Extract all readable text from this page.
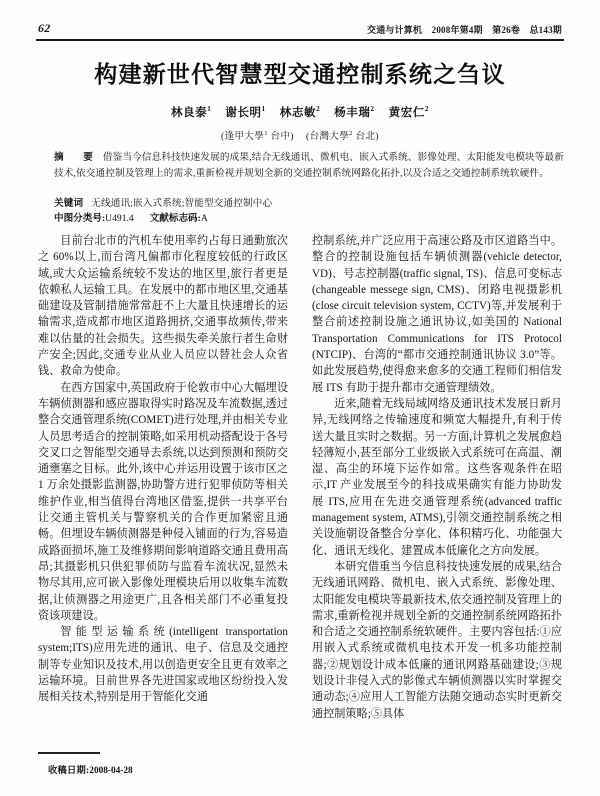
62	交通与计算机 2008年第4期 第26卷 总143期
构建新世代智慧型交通控制系统之刍议
林良泰$^1$ 谢长明$^1$ 林志敏$^2$ 杨丰瑞$^2$ 黄宏仁$^2$
(逢甲大學$^1$ 台中) (台灣大學$^2$ 台北)
摘　要 借鉴当今信息科技快速发展的成果,结合无线通讯、微机电、嵌入式系统、影像处理、太阳能发电模块等最新技术,依交通控制及管理上的需求,重新检视并规划全新的交通控制系统网路化拓扑,以及合适之交通控制系统软硬件。
关键词 无线通讯;嵌入式系统;智能型交通控制中心
中图分类号:U491.4 文献标志码:A

目前台北市的汽机车使用率约占每日通勤旅次之 60%以上,而台湾凡偏都市化程度较低的行政区域,或大众运输系统较不发达的地区里,旅行者更是依赖私人运输工具。在发展中的都市地区里,交通基础建设及管制措施常常赶不上大量且快速增长的运输需求,造成都市地区道路拥挤,交通事故频传,带来难以估量的社会损失。这些损失牵关旅行者生命财产安全;因此,交通专业从业人员应以替社会人众省钱、救命为使命。

在西方国家中,英国政府于伦敦市中心大幅埋设车辆侦测器和感应器取得实时路况及车流数据,透过整合交通管理系统(COMET)进行处理,并由相关专业人员思考适合的控制策略,如采用机动搭配设于各号交叉口之智能型交通导去系统,以达到预测和预防交通壅塞之目标。此外,该中心并运用设置于该市区之 1 万余处摄影监测器,协助警方进行犯罪侦防等相关维护作业,相当值得台湾地区借鉴,提供一共享平台让交通主管机关与警察机关的合作更加紧密且通畅。但埋设车辆侦测器是种侵入铺面的行为,容易造成路面损坏,施工及维修期间影响道路交通且费用高昂;其摄影机只供犯罪侦防与监看车流状况,显然未物尽其用,应可嵌入影像处理模块后用以收集车流数据,让侦测器之用途更广,且各相关部门不必重复投资该项建设。

智能型运输系统(intelligent transportation system;ITS)应用先进的通讯、电子、信息及交通控制等专业知识及技术,用以创造更安全且更有效率之运输环境。目前世界各先进国家或地区纷纷投入发展相关技术,特别是用于智能化交通

控制系统,并广泛应用于高速公路及市区道路当中。整合的控制设施包括车辆侦测器(vehicle detector, VD)、号志控制器(traffic signal, TS)、信息可变标志(changeable messege sign, CMS)、闭路电视摄影机(close circuit television system, CCTV)等,并发展利于整合前述控制设施之通讯协议,如美国的 National Transportation Communications for ITS Protocol (NTCIP)、台湾的“都市交通控制通讯协议 3.0”等。如此发展趋势,使得愈来愈多的交通工程师们相信发展 ITS 有助于提升都市交通管理绩效。

近来,随着无线局域网络及通讯技术发展日新月异,无线网络之传输速度和频宽大幅提升,有利于传送大量且实时之数据。另一方面,计算机之发展愈趋轻薄短小,甚至部分工业级嵌入式系统可在高温、潮湿、高尘的环境下运作如常。这些客观条件在昭示,IT 产业发展至今的科技成果确实有能力协助发展 ITS,应用在先进交通管理系统(advanced traffic management system, ATMS),引领交通控制系统之相关设施朝设备整合分享化、体积精巧化、功能强大化、通讯无线化、建置成本低廉化之方向发展。

本研究借重当今信息科技快速发展的成果,结合无线通讯网路、微机电、嵌入式系统、影像处理、太阳能发电模块等最新技术,依交通控制及管理上的需求,重新检视并规划全新的交通控制系统网路拓扑和合适之交通控制系统软硬件。主要内容包括:①应用嵌入式系统或微机电技术开发一机多功能控制器;②规划设计成本低廉的通讯网路基础建设;③规划设计非侵入式的影像式车辆侦测器以实时掌握交通动态;④应用人工智能方法随交通动态实时更新交通控制策略;⑤具体

收稿日期:2008-04-28
